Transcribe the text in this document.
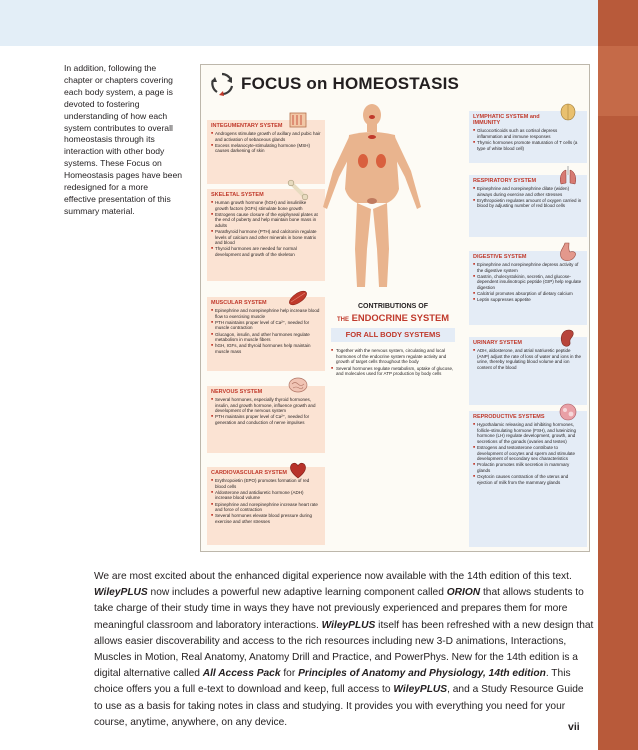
In addition, following the chapter or chapters covering each body system, a page is devoted to fostering understanding of how each system contributes to overall homeostasis through its interaction with other body systems. These Focus on Homeostasis pages have been redesigned for a more effective presentation of this summary material.

FOCUS on HOMEOSTASIS
INTEGUMENTARY SYSTEM
■ Androgens stimulate growth of axillary and pubic hair and activation of sebaceous glands
■ Excess melanocyte-stimulating hormone (MSH) causes darkening of skin
SKELETAL SYSTEM
■ Human growth hormone (hGH) and insulinlike growth factors (IGFs) stimulate bone growth
■ Estrogens cause closure of the epiphyseal plates at the end of puberty and help maintain bone mass in adults
■ Parathyroid hormone (PTH) and calcitonin regulate levels of calcium and other minerals in bone matrix and blood
■ Thyroid hormones are needed for normal development and growth of the skeleton
MUSCULAR SYSTEM
■ Epinephrine and norepinephrine help increase blood flow to exercising muscle
■ PTH maintains proper level of Ca²⁺, needed for muscle contraction
■ Glucagon, insulin, and other hormones regulate metabolism in muscle fibers
■ hGH, IGFs, and thyroid hormones help maintain muscle mass
NERVOUS SYSTEM
■ Several hormones, especially thyroid hormones, insulin, and growth hormone, influence growth and development of the nervous system
■ PTH maintains proper level of Ca²⁺, needed for generation and conduction of nerve impulses
CARDIOVASCULAR SYSTEM
■ Erythropoietin (EPO) promotes formation of red blood cells
■ Aldosterone and antidiuretic hormone (ADH) increase blood volume
■ Epinephrine and norepinephrine increase heart rate and force of contraction
■ Several hormones elevate blood pressure during exercise and other stresses
CONTRIBUTIONS OF
THE ENDOCRINE SYSTEM
FOR ALL BODY SYSTEMS
■ Together with the nervous system, circulating and local hormones of the endocrine system regulate activity and growth of target cells throughout the body
■ Several hormones regulate metabolism, uptake of glucose, and molecules used for ATP production by body cells
LYMPHATIC SYSTEM and IMMUNITY
■ Glucocorticoids such as cortisol depress inflammation and immune responses
■ Thymic hormones promote maturation of T cells (a type of white blood cell)
RESPIRATORY SYSTEM
■ Epinephrine and norepinephrine dilate (widen) airways during exercise and other stresses
■ Erythropoietin regulates amount of oxygen carried in blood by adjusting number of red blood cells
DIGESTIVE SYSTEM
■ Epinephrine and norepinephrine depress activity of the digestive system
■ Gastrin, cholecystokinin, secretin, and glucose-dependent insulinotropic peptide (GIP) help regulate digestion
■ Calcitriol promotes absorption of dietary calcium
■ Leptin suppresses appetite
URINARY SYSTEM
■ ADH, aldosterone, and atrial natriuretic peptide (ANP) adjust the rate of loss of water and ions in the urine, thereby regulating blood volume and ion content of the blood
REPRODUCTIVE SYSTEMS
■ Hypothalamic releasing and inhibiting hormones, follicle-stimulating hormone (FSH), and luteinizing hormone (LH) regulate development, growth, and secretions of the gonads (ovaries and testes)
■ Estrogens and testosterone contribute to development of oocytes and sperm and stimulate development of secondary sex characteristics
■ Prolactin promotes milk secretion in mammary glands
■ Oxytocin causes contraction of the uterus and ejection of milk from the mammary glands

We are most excited about the enhanced digital experience now available with the 14th edition of this text. WileyPLUS now includes a powerful new adaptive learning component called ORION that allows students to take charge of their study time in ways they have not previously experienced and prepares them for more meaningful classroom and laboratory interactions. WileyPLUS itself has been refreshed with a new design that allows easier discoverability and access to the rich resources including new 3-D animations, Interactions, Muscles in Motion, Real Anatomy, Anatomy Drill and Practice, and PowerPhys. New for the 14th edition is a digital alternative called All Access Pack for Principles of Anatomy and Physiology, 14th edition. This choice offers you a full e-text to download and keep, full access to WileyPLUS, and a Study Resource Guide to use as a basis for taking notes in class and studying. It provides you with everything you need for your course, anytime, anywhere, on any device.	vii
